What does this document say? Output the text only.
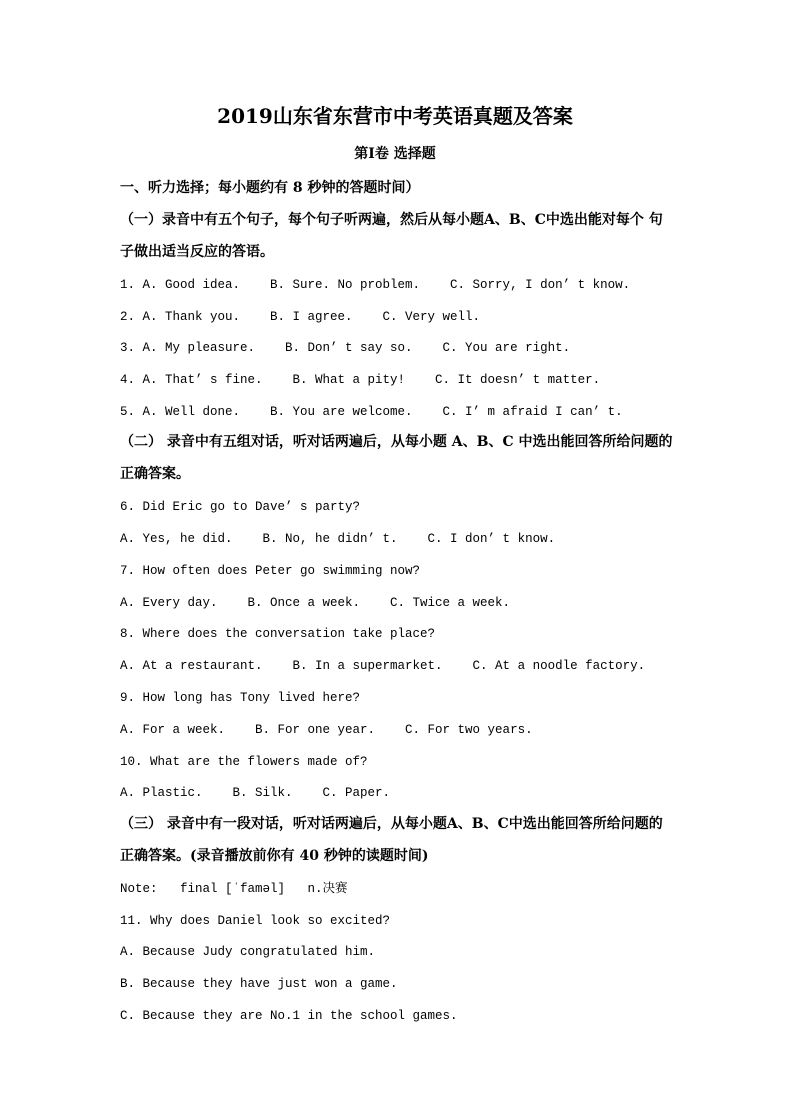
2019山东省东营市中考英语真题及答案
第Ⅰ卷 选择题
一、听力选择；每小题约有 8 秒钟的答题时间）
（一）录音中有五个句子，每个句子听两遍，然后从每小题A、B、C中选出能对每个 句
子做出适当反应的答语。
1. A. Good idea.    B. Sure. No problem.    C. Sorry, I don’ t know.
2. A. Thank you.    B. I agree.    C. Very well.
3. A. My pleasure.    B. Don’ t say so.    C. You are right.
4. A. That’ s fine.    B. What a pity!    C. It doesn’ t matter.
5. A. Well done.    B. You are welcome.    C. I’ m afraid I can’ t.
（二） 录音中有五组对话，听对话两遍后，从每小题 A、B、C 中选出能回答所给问题的
正确答案。
6. Did Eric go to Dave’ s party?
A. Yes, he did.    B. No, he didn’ t.    C. I don’ t know.
7. How often does Peter go swimming now?
A. Every day.    B. Once a week.    C. Twice a week.
8. Where does the conversation take place?
A. At a restaurant.    B. In a supermarket.    C. At a noodle factory.
9. How long has Tony lived here?
A. For a week.    B. For one year.    C. For two years.
10. What are the flowers made of?
A. Plastic.    B. Silk.    C. Paper.
（三） 录音中有一段对话，听对话两遍后，从每小题A、B、C中选出能回答所给问题的
正确答案。(录音播放前你有 40 秒钟的读题时间)
Note:   final [ˈfaməl]   n.决赛
11. Why does Daniel look so excited?
A. Because Judy congratulated him.
B. Because they have just won a game.
C. Because they are No.1 in the school games.
